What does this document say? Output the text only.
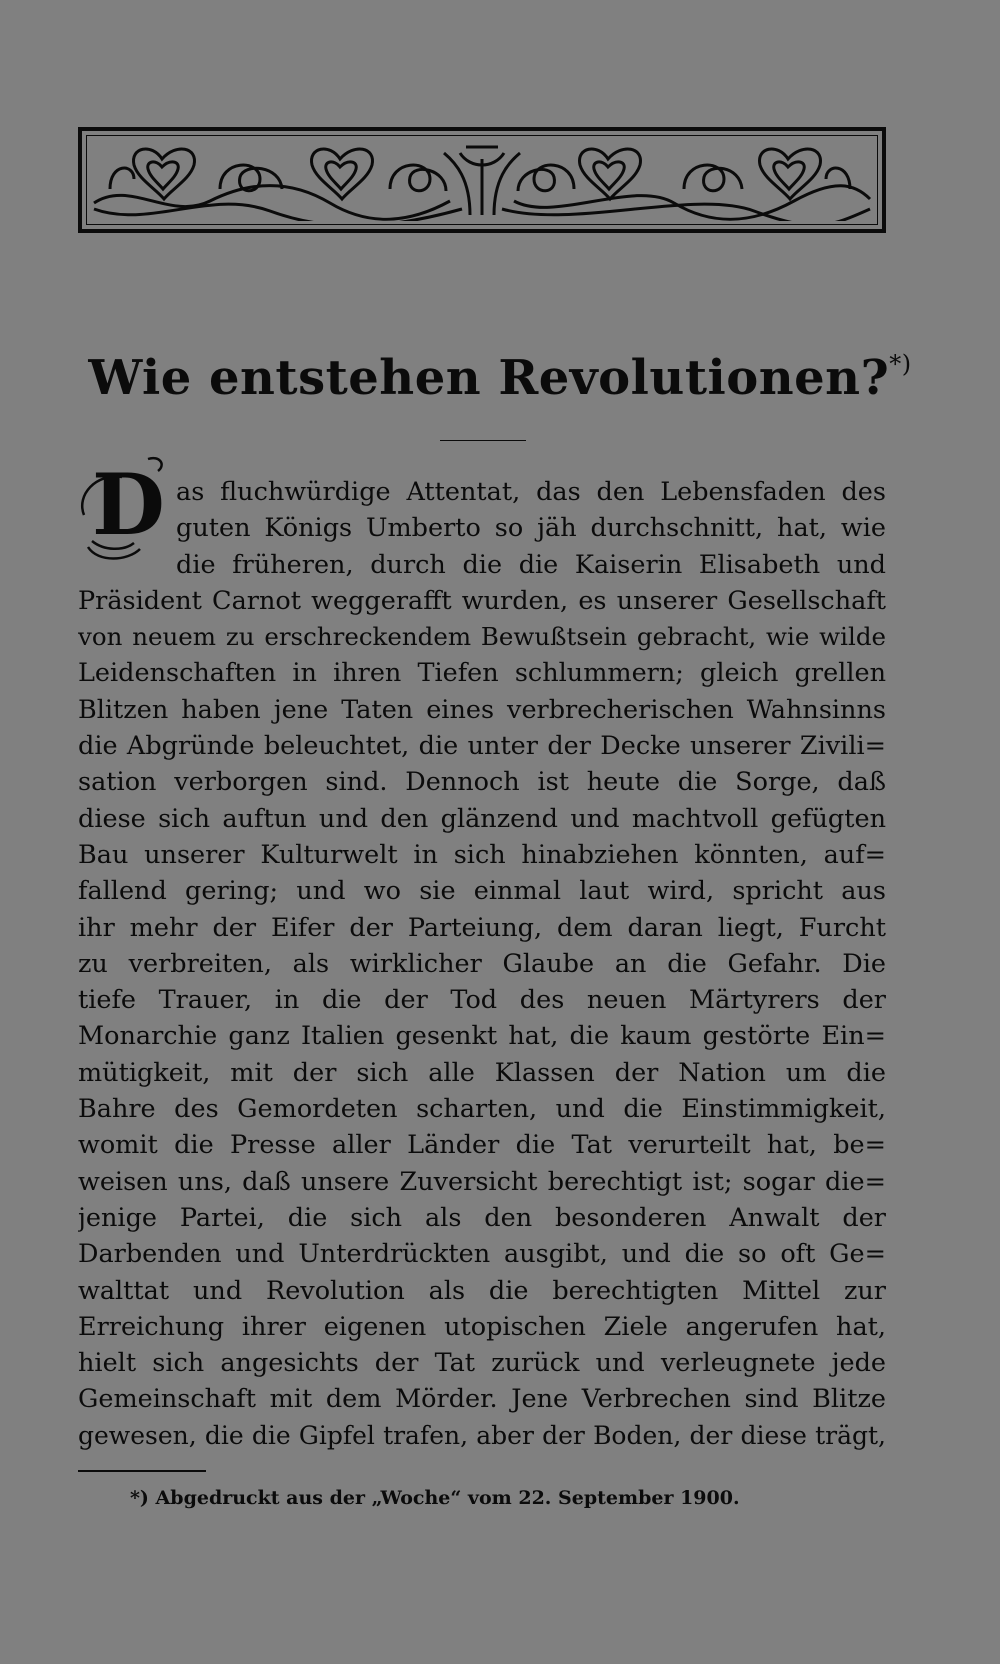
Wie entstehen Revolutionen?*)
D as fluchwürdige Attentat, das den Lebensfaden des
guten Königs Umberto so jäh durchschnitt, hat, wie
die früheren, durch die die Kaiserin Elisabeth und
Präsident Carnot weggerafft wurden, es unserer Gesellschaft
von neuem zu erschreckendem Bewußtsein gebracht, wie wilde
Leidenschaften in ihren Tiefen schlummern; gleich grellen
Blitzen haben jene Taten eines verbrecherischen Wahnsinns
die Abgründe beleuchtet, die unter der Decke unserer Zivili=
sation verborgen sind. Dennoch ist heute die Sorge, daß
diese sich auftun und den glänzend und machtvoll gefügten
Bau unserer Kulturwelt in sich hinabziehen könnten, auf=
fallend gering; und wo sie einmal laut wird, spricht aus
ihr mehr der Eifer der Parteiung, dem daran liegt, Furcht
zu verbreiten, als wirklicher Glaube an die Gefahr. Die
tiefe Trauer, in die der Tod des neuen Märtyrers der
Monarchie ganz Italien gesenkt hat, die kaum gestörte Ein=
mütigkeit, mit der sich alle Klassen der Nation um die
Bahre des Gemordeten scharten, und die Einstimmigkeit,
womit die Presse aller Länder die Tat verurteilt hat, be=
weisen uns, daß unsere Zuversicht berechtigt ist; sogar die=
jenige Partei, die sich als den besonderen Anwalt der
Darbenden und Unterdrückten ausgibt, und die so oft Ge=
walttat und Revolution als die berechtigten Mittel zur
Erreichung ihrer eigenen utopischen Ziele angerufen hat,
hielt sich angesichts der Tat zurück und verleugnete jede
Gemeinschaft mit dem Mörder. Jene Verbrechen sind Blitze
gewesen, die die Gipfel trafen, aber der Boden, der diese trägt,
*) Abgedruckt aus der „Woche“ vom 22. September 1900.
